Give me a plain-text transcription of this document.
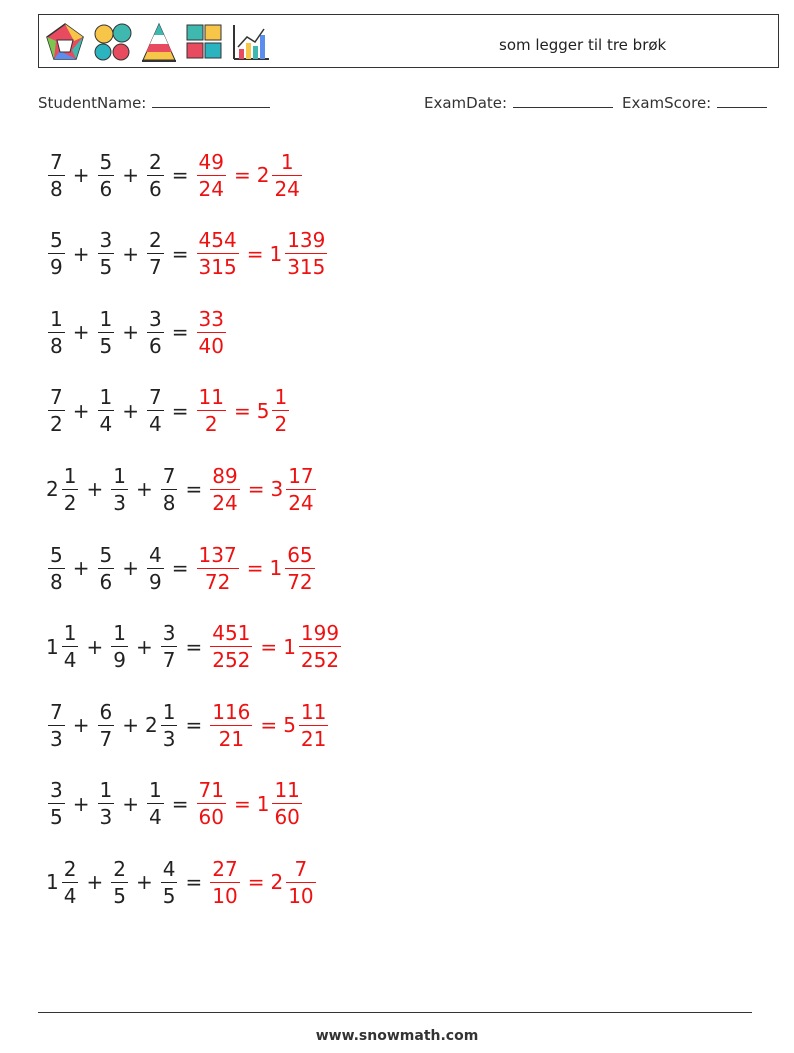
som legger til tre brøk
StudentName:	ExamDate:	ExamScore:
$\frac{7}{8} + \frac{5}{6} + \frac{2}{6} = \frac{49}{24} = 2 \frac{1}{24}$
$\frac{5}{9} + \frac{3}{5} + \frac{2}{7} = \frac{454}{315} = 1 \frac{139}{315}$
$\frac{1}{8} + \frac{1}{5} + \frac{3}{6} = \frac{33}{40}$
$\frac{7}{2} + \frac{1}{4} + \frac{7}{4} = \frac{11}{2} = 5 \frac{1}{2}$
$2 \frac{1}{2} + \frac{1}{3} + \frac{7}{8} = \frac{89}{24} = 3 \frac{17}{24}$
$\frac{5}{8} + \frac{5}{6} + \frac{4}{9} = \frac{137}{72} = 1 \frac{65}{72}$
$1 \frac{1}{4} + \frac{1}{9} + \frac{3}{7} = \frac{451}{252} = 1 \frac{199}{252}$
$\frac{7}{3} + \frac{6}{7} + 2 \frac{1}{3} = \frac{116}{21} = 5 \frac{11}{21}$
$\frac{3}{5} + \frac{1}{3} + \frac{1}{4} = \frac{71}{60} = 1 \frac{11}{60}$
$1 \frac{2}{4} + \frac{2}{5} + \frac{4}{5} = \frac{27}{10} = 2 \frac{7}{10}$
www.snowmath.com
